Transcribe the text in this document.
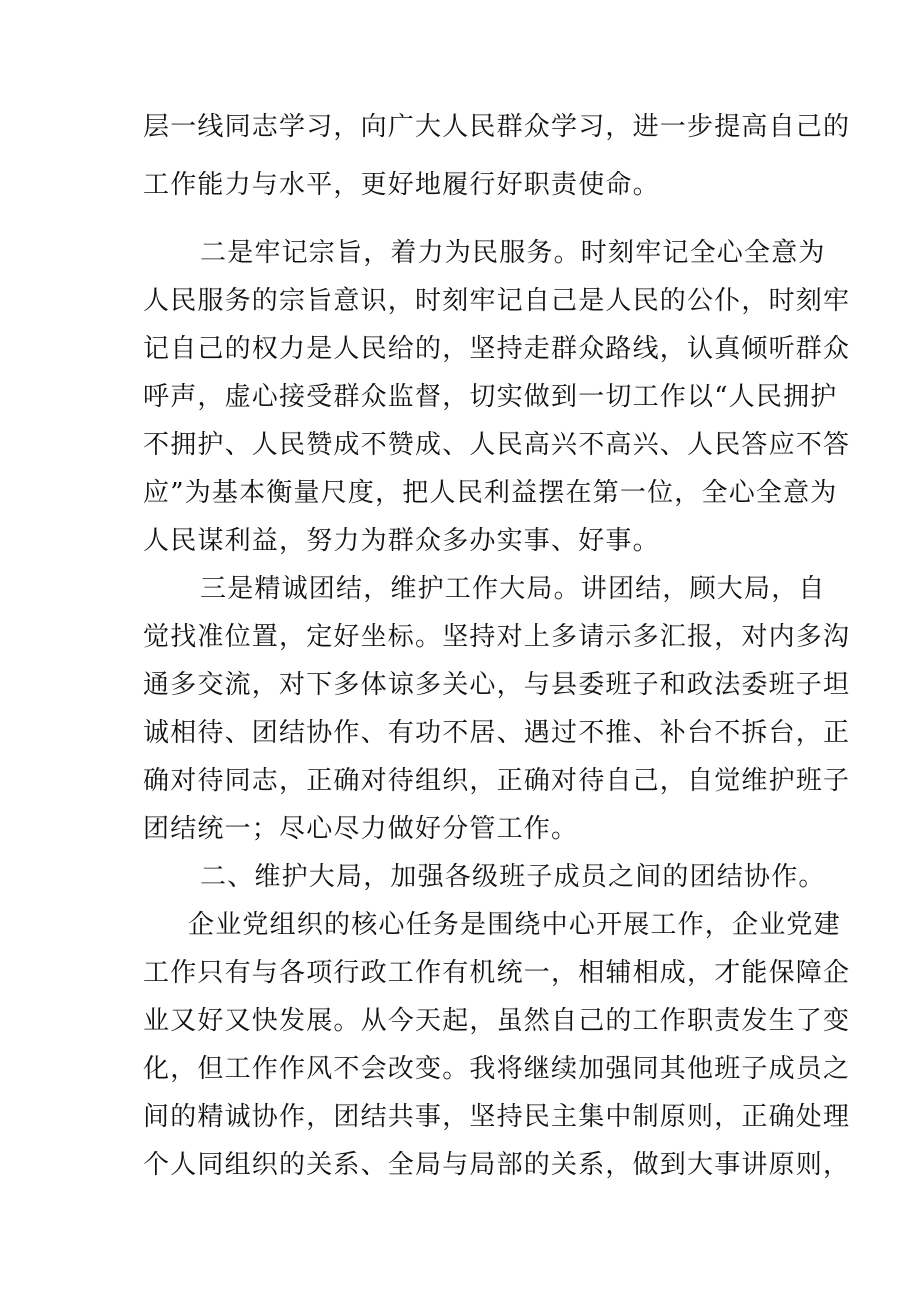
层一线同志学习，向广大人民群众学习，进一步提高自己的
工作能力与水平，更好地履行好职责使命。
二是牢记宗旨，着力为民服务。时刻牢记全心全意为
人民服务的宗旨意识，时刻牢记自己是人民的公仆，时刻牢
记自己的权力是人民给的，坚持走群众路线，认真倾听群众
呼声，虚心接受群众监督，切实做到一切工作以“人民拥护
不拥护、人民赞成不赞成、人民高兴不高兴、人民答应不答
应”为基本衡量尺度，把人民利益摆在第一位，全心全意为
人民谋利益，努力为群众多办实事、好事。
三是精诚团结，维护工作大局。讲团结，顾大局，自
觉找准位置，定好坐标。坚持对上多请示多汇报，对内多沟
通多交流，对下多体谅多关心，与县委班子和政法委班子坦
诚相待、团结协作、有功不居、遇过不推、补台不拆台，正
确对待同志，正确对待组织，正确对待自己，自觉维护班子
团结统一；尽心尽力做好分管工作。
二、维护大局，加强各级班子成员之间的团结协作。
企业党组织的核心任务是围绕中心开展工作，企业党建
工作只有与各项行政工作有机统一，相辅相成，才能保障企
业又好又快发展。从今天起，虽然自己的工作职责发生了变
化，但工作作风不会改变。我将继续加强同其他班子成员之
间的精诚协作，团结共事，坚持民主集中制原则，正确处理
个人同组织的关系、全局与局部的关系，做到大事讲原则，
